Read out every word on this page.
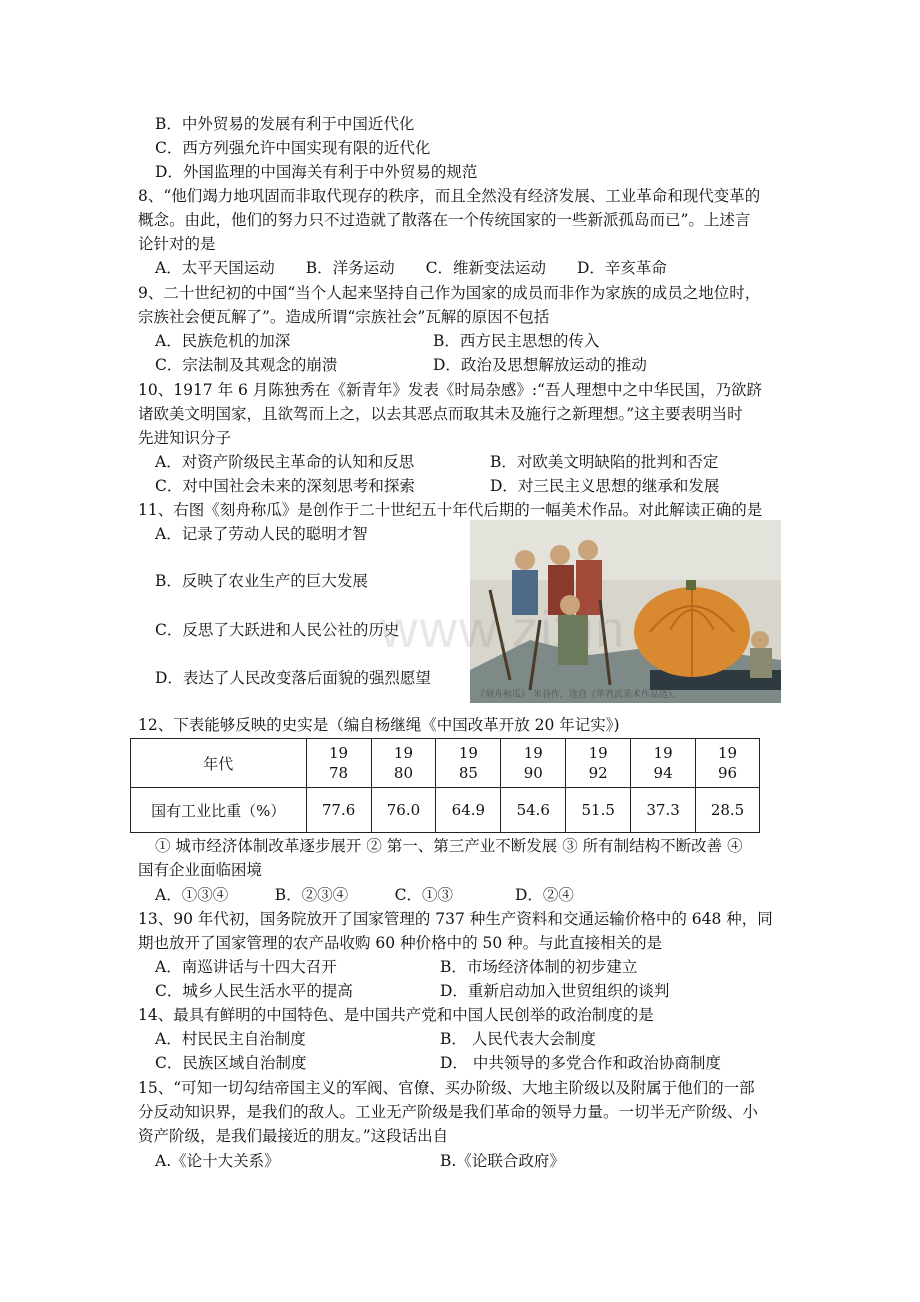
B．中外贸易的发展有利于中国近代化
C．西方列强允许中国实现有限的近代化
D．外国监理的中国海关有利于中外贸易的规范
8、“他们竭力地巩固而非取代现存的秩序，而且全然没有经济发展、工业革命和现代变革的
概念。由此，他们的努力只不过造就了散落在一个传统国家的一些新派孤岛而已”。上述言
论针对的是
A．太平天国运动　　B．洋务运动　　C．维新变法运动　　D．辛亥革命
9、二十世纪初的中国“当个人起来坚持自己作为国家的成员而非作为家族的成员之地位时，
宗族社会便瓦解了”。造成所谓“宗族社会”瓦解的原因不包括
A．民族危机的加深	B．西方民主思想的传入
C．宗法制及其观念的崩溃	D．政治及思想解放运动的推动
10、1917 年 6 月陈独秀在《新青年》发表《时局杂感》:“吾人理想中之中华民国，乃欲跻
诸欧美文明国家，且欲驾而上之，以去其恶点而取其未及施行之新理想。”这主要表明当时
先进知识分子
A．对资产阶级民主革命的认知和反思	B．对欧美文明缺陷的批判和否定
C．对中国社会未来的深刻思考和探索	D．对三民主义思想的继承和发展
11、右图《刻舟称瓜》是创作于二十世纪五十年代后期的一幅美术作品。对此解读正确的是
A．记录了劳动人民的聪明才智
B．反映了农业生产的巨大发展
C．反思了大跃进和人民公社的历史
D．表达了人民改变落后面貌的强烈愿望
《刻舟称瓜》 米谷作，选自《华君武美术作品选》。
www.zixin
12、下表能够反映的史实是（编自杨继绳《中国改革开放 20 年记实》)
年代	1978	1980	1985	1990	1992	1994	1996
国有工业比重（%）	77.6	76.0	64.9	54.6	51.5	37.3	28.5
① 城市经济体制改革逐步展开 ② 第一、第三产业不断发展 ③ 所有制结构不断改善 ④
国有企业面临困境
A．①③④　　　B．②③④　　　C．①③　　　　D．②④
13、90 年代初，国务院放开了国家管理的 737 种生产资料和交通运输价格中的 648 种，同
期也放开了国家管理的农产品收购 60 种价格中的 50 种。与此直接相关的是
A．南巡讲话与十四大召开	B．市场经济体制的初步建立
C．城乡人民生活水平的提高	D．重新启动加入世贸组织的谈判
14、最具有鲜明的中国特色、是中国共产党和中国人民创举的政治制度的是
A．村民民主自治制度	B． 人民代表大会制度
C．民族区域自治制度	D． 中共领导的多党合作和政治协商制度
15、“可知一切勾结帝国主义的军阀、官僚、买办阶级、大地主阶级以及附属于他们的一部
分反动知识界，是我们的敌人。工业无产阶级是我们革命的领导力量。一切半无产阶级、小
资产阶级，是我们最接近的朋友。”这段话出自
A.《论十大关系》	B.《论联合政府》
